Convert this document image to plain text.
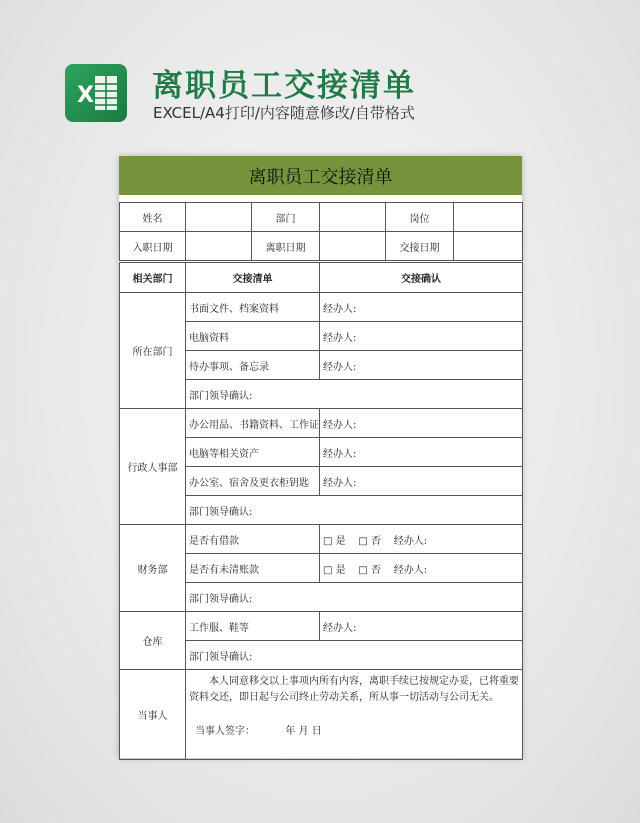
X 离职员工交接清单
EXCEL/A4打印/内容随意修改/自带格式
离职员工交接清单
姓名		部门		岗位	
入职日期		离职日期		交接日期	
相关部门	交接清单	交接确认
所在部门	书面文件、档案资料	经办人:
	电脑资料	经办人:
	待办事项、备忘录	经办人:
	部门领导确认:	
行政人事部	办公用品、书籍资料、工作证	经办人:
	电脑等相关资产	经办人:
	办公室、宿舍及更衣柜钥匙	经办人:
	部门领导确认:	
财务部	是否有借款	□ 是 □ 否 经办人:
	是否有未清账款	□ 是 □ 否 经办人:
	部门领导确认:	
仓库	工作服、鞋等	经办人:
	部门领导确认:	
当事人	本人同意移交以上事项内所有内容，离职手续已按规定办妥，已将重要资料交还，即日起与公司终止劳动关系，所从事一切活动与公司无关。
当事人签字： 年 月 日	
